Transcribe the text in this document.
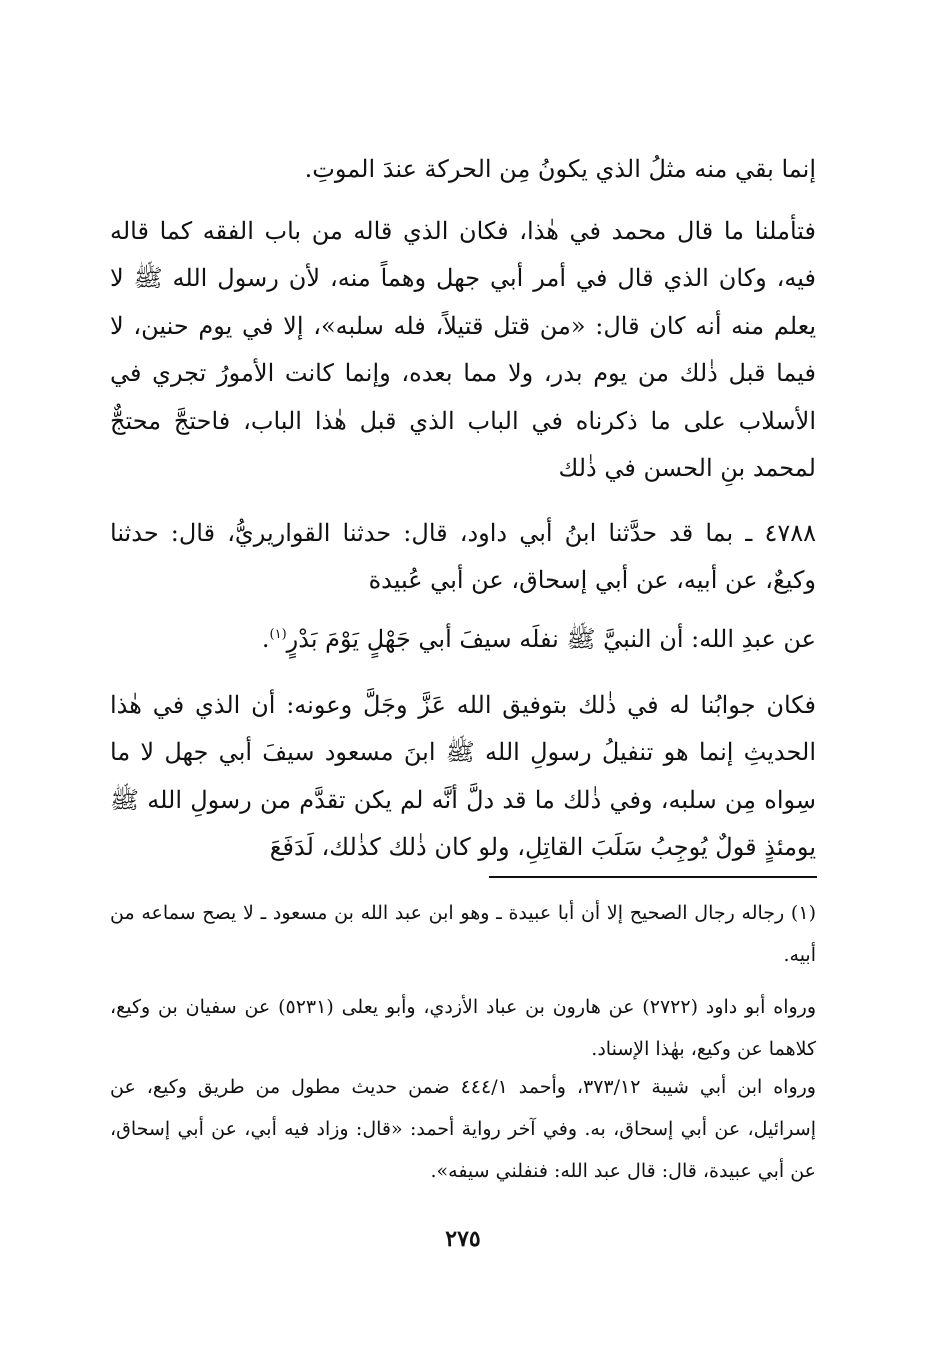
إنما بقي منه مثلُ الذي يكونُ مِن الحركة عندَ الموتِ.

فتأملنا ما قال محمد في هٰذا، فكان الذي قاله من باب الفقه كما قاله فيه، وكان الذي قال في أمر أبي جهل وهماً منه، لأن رسول الله ﷺ لا يعلم منه أنه كان قال: «من قتل قتيلاً، فله سلبه»، إلا في يوم حنين، لا فيما قبل ذٰلك من يوم بدر، ولا مما بعده، وإنما كانت الأمورُ تجري في الأسلاب على ما ذكرناه في الباب الذي قبل هٰذا الباب، فاحتجَّ محتجٌّ لمحمد بنِ الحسن في ذٰلك

٤٧٨٨ ـ بما قد حدَّثنا ابنُ أبي داود، قال: حدثنا القواريريُّ، قال: حدثنا وكيعٌ، عن أبيه، عن أبي إسحاق، عن أبي عُبيدة

عن عبدِ الله: أن النبيَّ ﷺ نفلَه سيفَ أبي جَهْلٍ يَوْمَ بَدْرٍ$^{(١)}$.

فكان جوابُنا له في ذٰلك بتوفيق الله عَزَّ وجَلَّ وعونه: أن الذي في هٰذا الحديثِ إنما هو تنفيلُ رسولِ الله ﷺ ابنَ مسعود سيفَ أبي جهل لا ما سِواه مِن سلبه، وفي ذٰلك ما قد دلَّ أنَّه لم يكن تقدَّم من رسولِ الله ﷺ يومئذٍ قولٌ يُوجِبُ سَلَبَ القاتِلِ، ولو كان ذٰلك كذٰلك، لَدَفَعَ

(١) رجاله رجال الصحيح إلا أن أبا عبيدة ـ وهو ابن عبد الله بن مسعود ـ لا يصح سماعه من أبيه.

ورواه أبو داود (٢٧٢٢) عن هارون بن عباد الأزدي، وأبو يعلى (٥٢٣١) عن سفيان بن وكيع، كلاهما عن وكيع، بهٰذا الإسناد.

ورواه ابن أبي شيبة ٣٧٣/١٢، وأحمد ٤٤٤/١ ضمن حديث مطول من طريق وكيع، عن إسرائيل، عن أبي إسحاق، به. وفي آخر رواية أحمد: «قال: وزاد فيه أبي، عن أبي إسحاق، عن أبي عبيدة، قال: قال عبد الله: فنفلني سيفه».

٢٧٥
